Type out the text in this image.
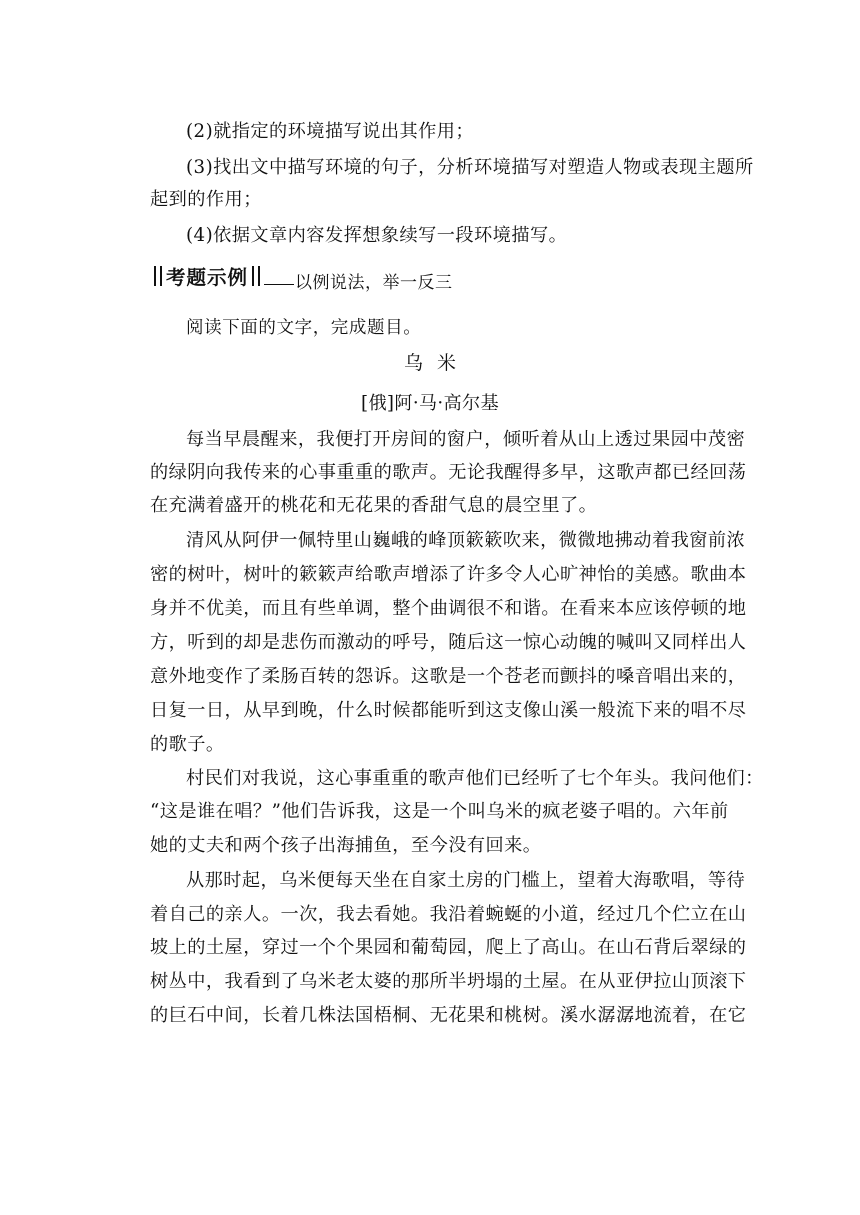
(2)就指定的环境描写说出其作用；
(3)找出文中描写环境的句子，分析环境描写对塑造人物或表现主题所
起到的作用；
(4)依据文章内容发挥想象续写一段环境描写。
考题示例	以例说法，举一反三
阅读下面的文字，完成题目。
乌米
[俄]阿·马·高尔基
每当早晨醒来，我便打开房间的窗户，倾听着从山上透过果园中茂密
的绿阴向我传来的心事重重的歌声。无论我醒得多早，这歌声都已经回荡
在充满着盛开的桃花和无花果的香甜气息的晨空里了。
清风从阿伊一佩特里山巍峨的峰顶簌簌吹来，微微地拂动着我窗前浓
密的树叶，树叶的簌簌声给歌声增添了许多令人心旷神怡的美感。歌曲本
身并不优美，而且有些单调，整个曲调很不和谐。在看来本应该停顿的地
方，听到的却是悲伤而激动的呼号，随后这一惊心动魄的喊叫又同样出人
意外地变作了柔肠百转的怨诉。这歌是一个苍老而颤抖的嗓音唱出来的，
日复一日，从早到晚，什么时候都能听到这支像山溪一般流下来的唱不尽
的歌子。
村民们对我说，这心事重重的歌声他们已经听了七个年头。我问他们：
“这是谁在唱？”他们告诉我，这是一个叫乌米的疯老婆子唱的。六年前
她的丈夫和两个孩子出海捕鱼，至今没有回来。
从那时起，乌米便每天坐在自家土房的门槛上，望着大海歌唱，等待
着自己的亲人。一次，我去看她。我沿着蜿蜒的小道，经过几个伫立在山
坡上的土屋，穿过一个个果园和葡萄园，爬上了高山。在山石背后翠绿的
树丛中，我看到了乌米老太婆的那所半坍塌的土屋。在从亚伊拉山顶滚下
的巨石中间，长着几株法国梧桐、无花果和桃树。溪水潺潺地流着，在它
